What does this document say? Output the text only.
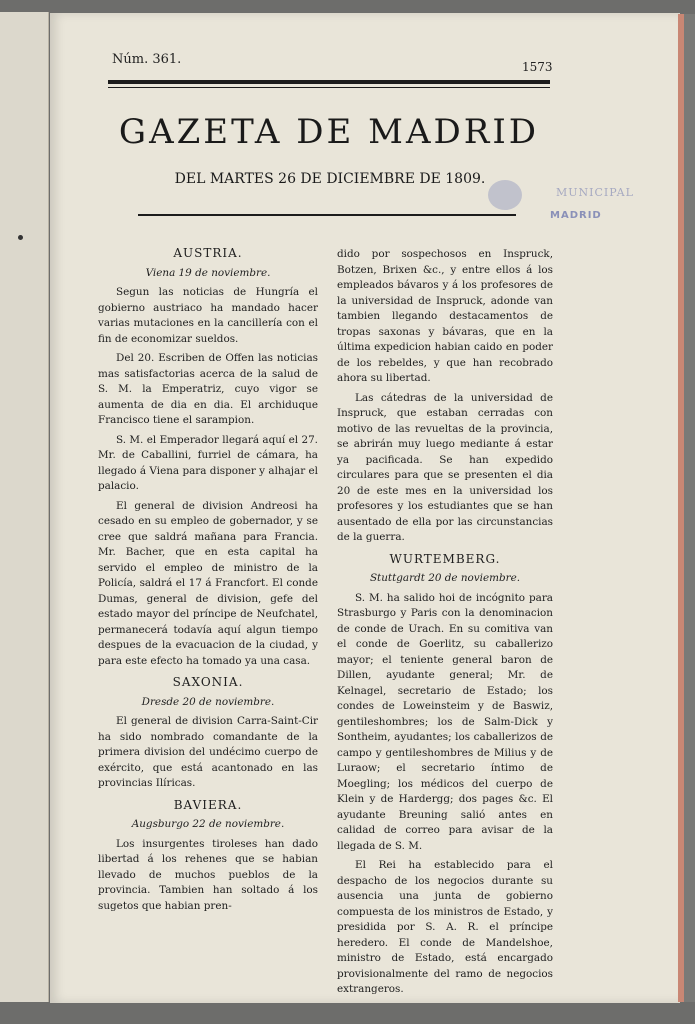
Núm. 361.	1573
GAZETA DE MADRID
DEL MARTES 26 DE DICIEMBRE DE 1809.
MUNICIPAL
MADRID
AUSTRIA.
Viena 19 de noviembre.

Segun las noticias de Hungría el gobierno austriaco ha mandado hacer varias mutaciones en la cancillería con el fin de economizar sueldos.

Del 20. Escriben de Offen las noticias mas satisfactorias acerca de la salud de S. M. la Emperatriz, cuyo vigor se aumenta de dia en dia. El archiduque Francisco tiene el sarampion.

S. M. el Emperador llegará aquí el 27. Mr. de Caballini, furriel de cámara, ha llegado á Viena para disponer y alhajar el palacio.

El general de division Andreosi ha cesado en su empleo de gobernador, y se cree que saldrá mañana para Francia. Mr. Bacher, que en esta capital ha servido el empleo de ministro de la Policía, saldrá el 17 á Francfort. El conde Dumas, general de division, gefe del estado mayor del príncipe de Neufchatel, permanecerá todavía aquí algun tiempo despues de la evacuacion de la ciudad, y para este efecto ha tomado ya una casa.

SAXONIA.
Dresde 20 de noviembre.

El general de division Carra-Saint-Cir ha sido nombrado comandante de la primera division del undécimo cuerpo de exército, que está acantonado en las provincias Ilíricas.

BAVIERA.
Augsburgo 22 de noviembre.

Los insurgentes tiroleses han dado libertad á los rehenes que se habian llevado de muchos pueblos de la provincia. Tambien han soltado á los sugetos que habian pren-

dido por sospechosos en Inspruck, Botzen, Brixen &c., y entre ellos á los empleados bávaros y á los profesores de la universidad de Inspruck, adonde van tambien llegando destacamentos de tropas saxonas y bávaras, que en la última expedicion habian caido en poder de los rebeldes, y que han recobrado ahora su libertad.

Las cátedras de la universidad de Inspruck, que estaban cerradas con motivo de las revueltas de la provincia, se abrirán muy luego mediante á estar ya pacificada. Se han expedido circulares para que se presenten el dia 20 de este mes en la universidad los profesores y los estudiantes que se han ausentado de ella por las circunstancias de la guerra.

WURTEMBERG.
Stuttgardt 20 de noviembre.

S. M. ha salido hoi de incógnito para Strasburgo y Paris con la denominacion de conde de Urach. En su comitiva van el conde de Goerlitz, su caballerizo mayor; el teniente general baron de Dillen, ayudante general; Mr. de Kelnagel, secretario de Estado; los condes de Loweinsteim y de Baswiz, gentileshombres; los de Salm-Dick y Sontheim, ayudantes; los caballerizos de campo y gentileshombres de Milius y de Luraow; el secretario íntimo de Moegling; los médicos del cuerpo de Klein y de Hardergg; dos pages &c. El ayudante Breuning salió antes en calidad de correo para avisar de la llegada de S. M.

El Rei ha establecido para el despacho de los negocios durante su ausencia una junta de gobierno compuesta de los ministros de Estado, y presidida por S. A. R. el príncipe heredero. El conde de Mandelshoe, ministro de Estado, está encargado provisionalmente del ramo de negocios extrangeros.
